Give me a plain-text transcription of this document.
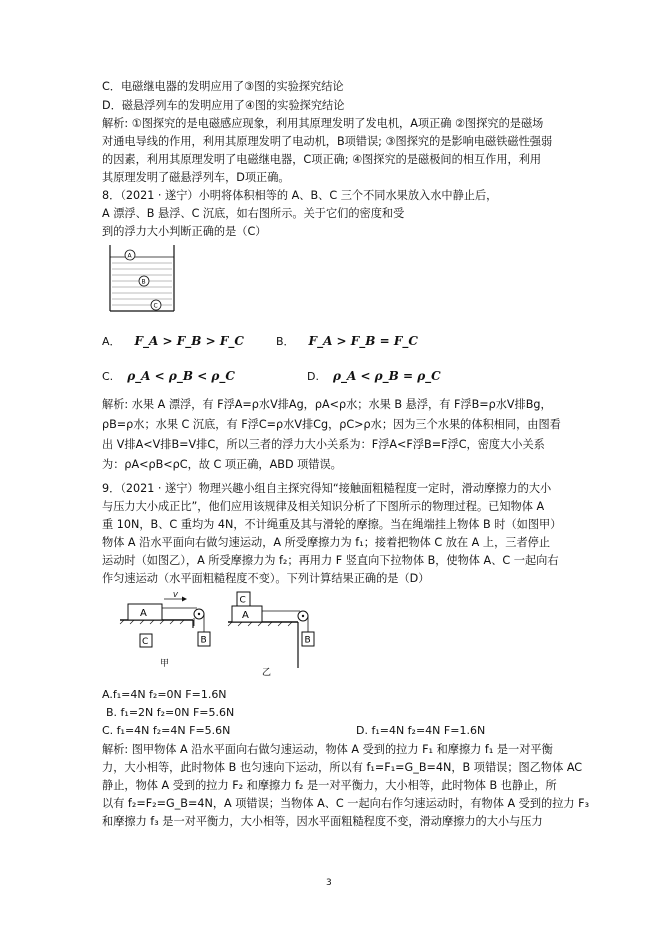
C．电磁继电器的发明应用了③图的实验探究结论
D．磁悬浮列车的发明应用了④图的实验探究结论
解析: ①图探究的是电磁感应现象，利用其原理发明了发电机，A项正确 ②图探究的是磁场
对通电导线的作用，利用其原理发明了电动机，B项错误; ③图探究的是影响电磁铁磁性强弱
的因素，利用其原理发明了电磁继电器，C项正确; ④图探究的是磁极间的相互作用，利用
其原理发明了磁悬浮列车，D项正确。
8．（2021 · 遂宁）小明将体积相等的 A、B、C 三个不同水果放入水中静止后，
A 漂浮、B 悬浮、C 沉底，如右图所示。关于它们的密度和受
到的浮力大小判断正确的是（C）
A
B
C
A． F_A > F_B > F_C	B． F_A > F_B = F_C
C. ρ_A < ρ_B < ρ_C	D. ρ_A < ρ_B = ρ_C
解析: 水果 A 漂浮，有 F浮A=ρ水V排Ag，ρA<ρ水；水果 B 悬浮，有 F浮B=ρ水V排Bg，
ρB=ρ水；水果 C 沉底，有 F浮C=ρ水V排Cg，ρC>ρ水；因为三个水果的体积相同，由图看
出 V排A<V排B=V排C，所以三者的浮力大小关系为：F浮A<F浮B=F浮C，密度大小关系
为：ρA<ρB<ρC，故 C 项正确，ABD 项错误。
9．（2021 · 遂宁）物理兴趣小组自主探究得知“接触面粗糙程度一定时，滑动摩擦力的大小
与压力大小成正比”，他们应用该规律及相关知识分析了下图所示的物理过程。已知物体 A
重 10N，B、C 重均为 4N，不计绳重及其与滑轮的摩擦。当在绳端挂上物体 B 时（如图甲）
物体 A 沿水平面向右做匀速运动，A 所受摩擦力为 f₁；接着把物体 C 放在 A 上，三者停止
运动时（如图乙），A 所受摩擦力为 f₂；再用力 F 竖直向下拉物体 B，使物体 A、C 一起向右
作匀速运动（水平面粗糙程度不变）。下列计算结果正确的是（D）
A
B
C
V
甲
A
C
B
乙
A.f₁=4N f₂=0N F=1.6N
B. f₁=2N f₂=0N F=5.6N
C. f₁=4N f₂=4N F=5.6N	D. f₁=4N f₂=4N F=1.6N
解析: 图甲物体 A 沿水平面向右做匀速运动，物体 A 受到的拉力 F₁ 和摩擦力 f₁ 是一对平衡
力，大小相等，此时物体 B 也匀速向下运动，所以有 f₁=F₁=G_B=4N，B 项错误；图乙物体 AC
静止，物体 A 受到的拉力 F₂ 和摩擦力 f₂ 是一对平衡力，大小相等，此时物体 B 也静止，所
以有 f₂=F₂=G_B=4N，A 项错误；当物体 A、C 一起向右作匀速运动时，有物体 A 受到的拉力 F₃
和摩擦力 f₃ 是一对平衡力，大小相等，因水平面粗糙程度不变，滑动摩擦力的大小与压力
3
